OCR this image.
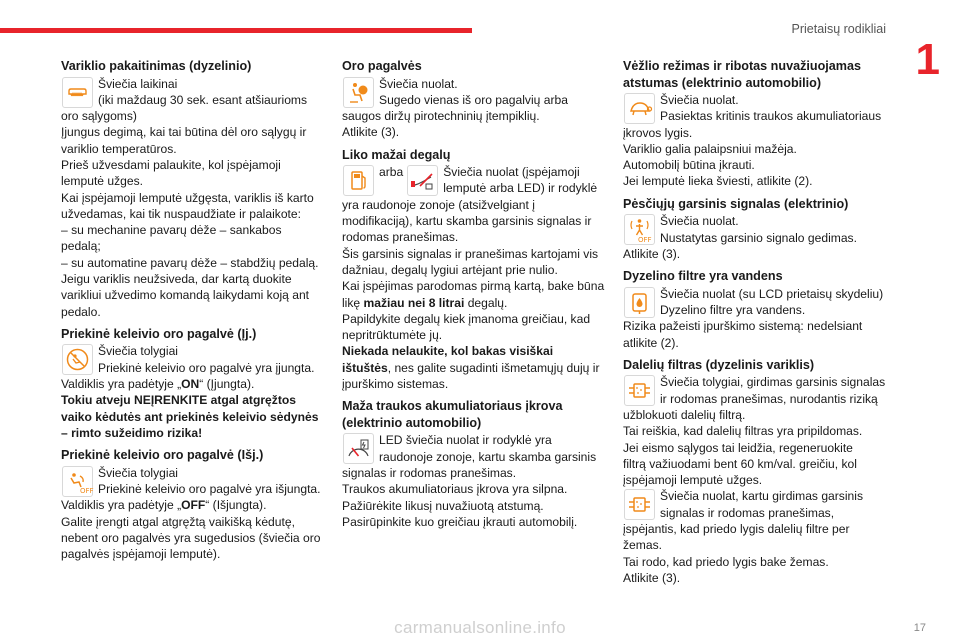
Prietaisų rodikliai
1
Variklio pakaitinimas (dyzelinio)
Šviečia laikinai
(iki maždaug 30 sek. esant atšiaurioms
oro sąlygoms)
Įjungus degimą, kai tai būtina dėl oro sąlygų ir
variklio temperatūros.
Prieš užvesdami palaukite, kol įspėjamoji
lemputė užges.
Kai įspėjamoji lemputė užgęsta, variklis iš karto
užvedamas, kai tik nuspaudžiate ir palaikote:
– su mechanine pavarų dėže – sankabos
pedalą;
– su automatine pavarų dėže – stabdžių pedalą.
Jeigu variklis neužsiveda, dar kartą duokite
varikliui užvedimo komandą laikydami koją ant
pedalo.
Priekinė keleivio oro pagalvė (Įj.)
Šviečia tolygiai
Priekinė keleivio oro pagalvė yra įjungta.
Valdiklis yra padėtyje „ON“ (Įjungta).
Tokiu atveju NEĮRENKITE atgal atgręžtos
vaiko kėdutės ant priekinės keleivio sėdynės
– rimto sužeidimo rizika!
Priekinė keleivio oro pagalvė (Išj.)
OFF
Šviečia tolygiai
Priekinė keleivio oro pagalvė yra išjungta.
Valdiklis yra padėtyje „OFF“ (Išjungta).
Galite įrengti atgal atgręžtą vaikišką kėdutę,
nebent oro pagalvės yra sugedusios (šviečia oro
pagalvės įspėjamoji lemputė).
Oro pagalvės
Šviečia nuolat.
Sugedo vienas iš oro pagalvių arba
saugos diržų pirotechninių įtempiklių.
Atlikite (3).
Liko mažai degalų
arba	Šviečia nuolat (įspėjamoji
lemputė arba LED) ir rodyklė
yra raudonoje zonoje (atsižvelgiant į
modifikaciją), kartu skamba garsinis signalas ir
rodomas pranešimas.
Šis garsinis signalas ir pranešimas kartojami vis
dažniau, degalų lygiui artėjant prie nulio.
Kai įspėjimas parodomas pirmą kartą, bake būna
likę mažiau nei 8 litrai degalų.
Papildykite degalų kiek įmanoma greičiau, kad
nepritrūktumėte jų.
Niekada nelaukite, kol bakas visiškai
ištuštės, nes galite sugadinti išmetamųjų dujų ir
įpurškimo sistemas.
Maža traukos akumuliatoriaus įkrova
(elektrinio automobilio)
LED šviečia nuolat ir rodyklė yra
raudonoje zonoje, kartu skamba garsinis
signalas ir rodomas pranešimas.
Traukos akumuliatoriaus įkrova yra silpna.
Pažiūrėkite likusį nuvažiuotą atstumą.
Pasirūpinkite kuo greičiau įkrauti automobilį.
Vėžlio režimas ir ribotas nuvažiuojamas
atstumas (elektrinio automobilio)
Šviečia nuolat.
Pasiektas kritinis traukos akumuliatoriaus
įkrovos lygis.
Variklio galia palaipsniui mažėja.
Automobilį būtina įkrauti.
Jei lemputė lieka šviesti, atlikite (2).
Pėsčiųjų garsinis signalas (elektrinio)
OFF
Šviečia nuolat.
Nustatytas garsinio signalo gedimas.
Atlikite (3).
Dyzelino filtre yra vandens
Šviečia nuolat (su LCD prietaisų skydeliu)
Dyzelino filtre yra vandens.
Rizika pažeisti įpurškimo sistemą: nedelsiant
atlikite (2).
Dalelių filtras (dyzelinis variklis)
Šviečia tolygiai, girdimas garsinis signalas
ir rodomas pranešimas, nurodantis riziką
užblokuoti dalelių filtrą.
Tai reiškia, kad dalelių filtras yra pripildomas.
Jei eismo sąlygos tai leidžia, regeneruokite
filtrą važiuodami bent 60 km/val. greičiu, kol
įspėjamoji lemputė užges.
Šviečia nuolat, kartu girdimas garsinis
signalas ir rodomas pranešimas,
įspėjantis, kad priedo lygis dalelių filtre per
žemas.
Tai rodo, kad priedo lygis bake žemas.
Atlikite (3).
17
carmanualsonline.info
